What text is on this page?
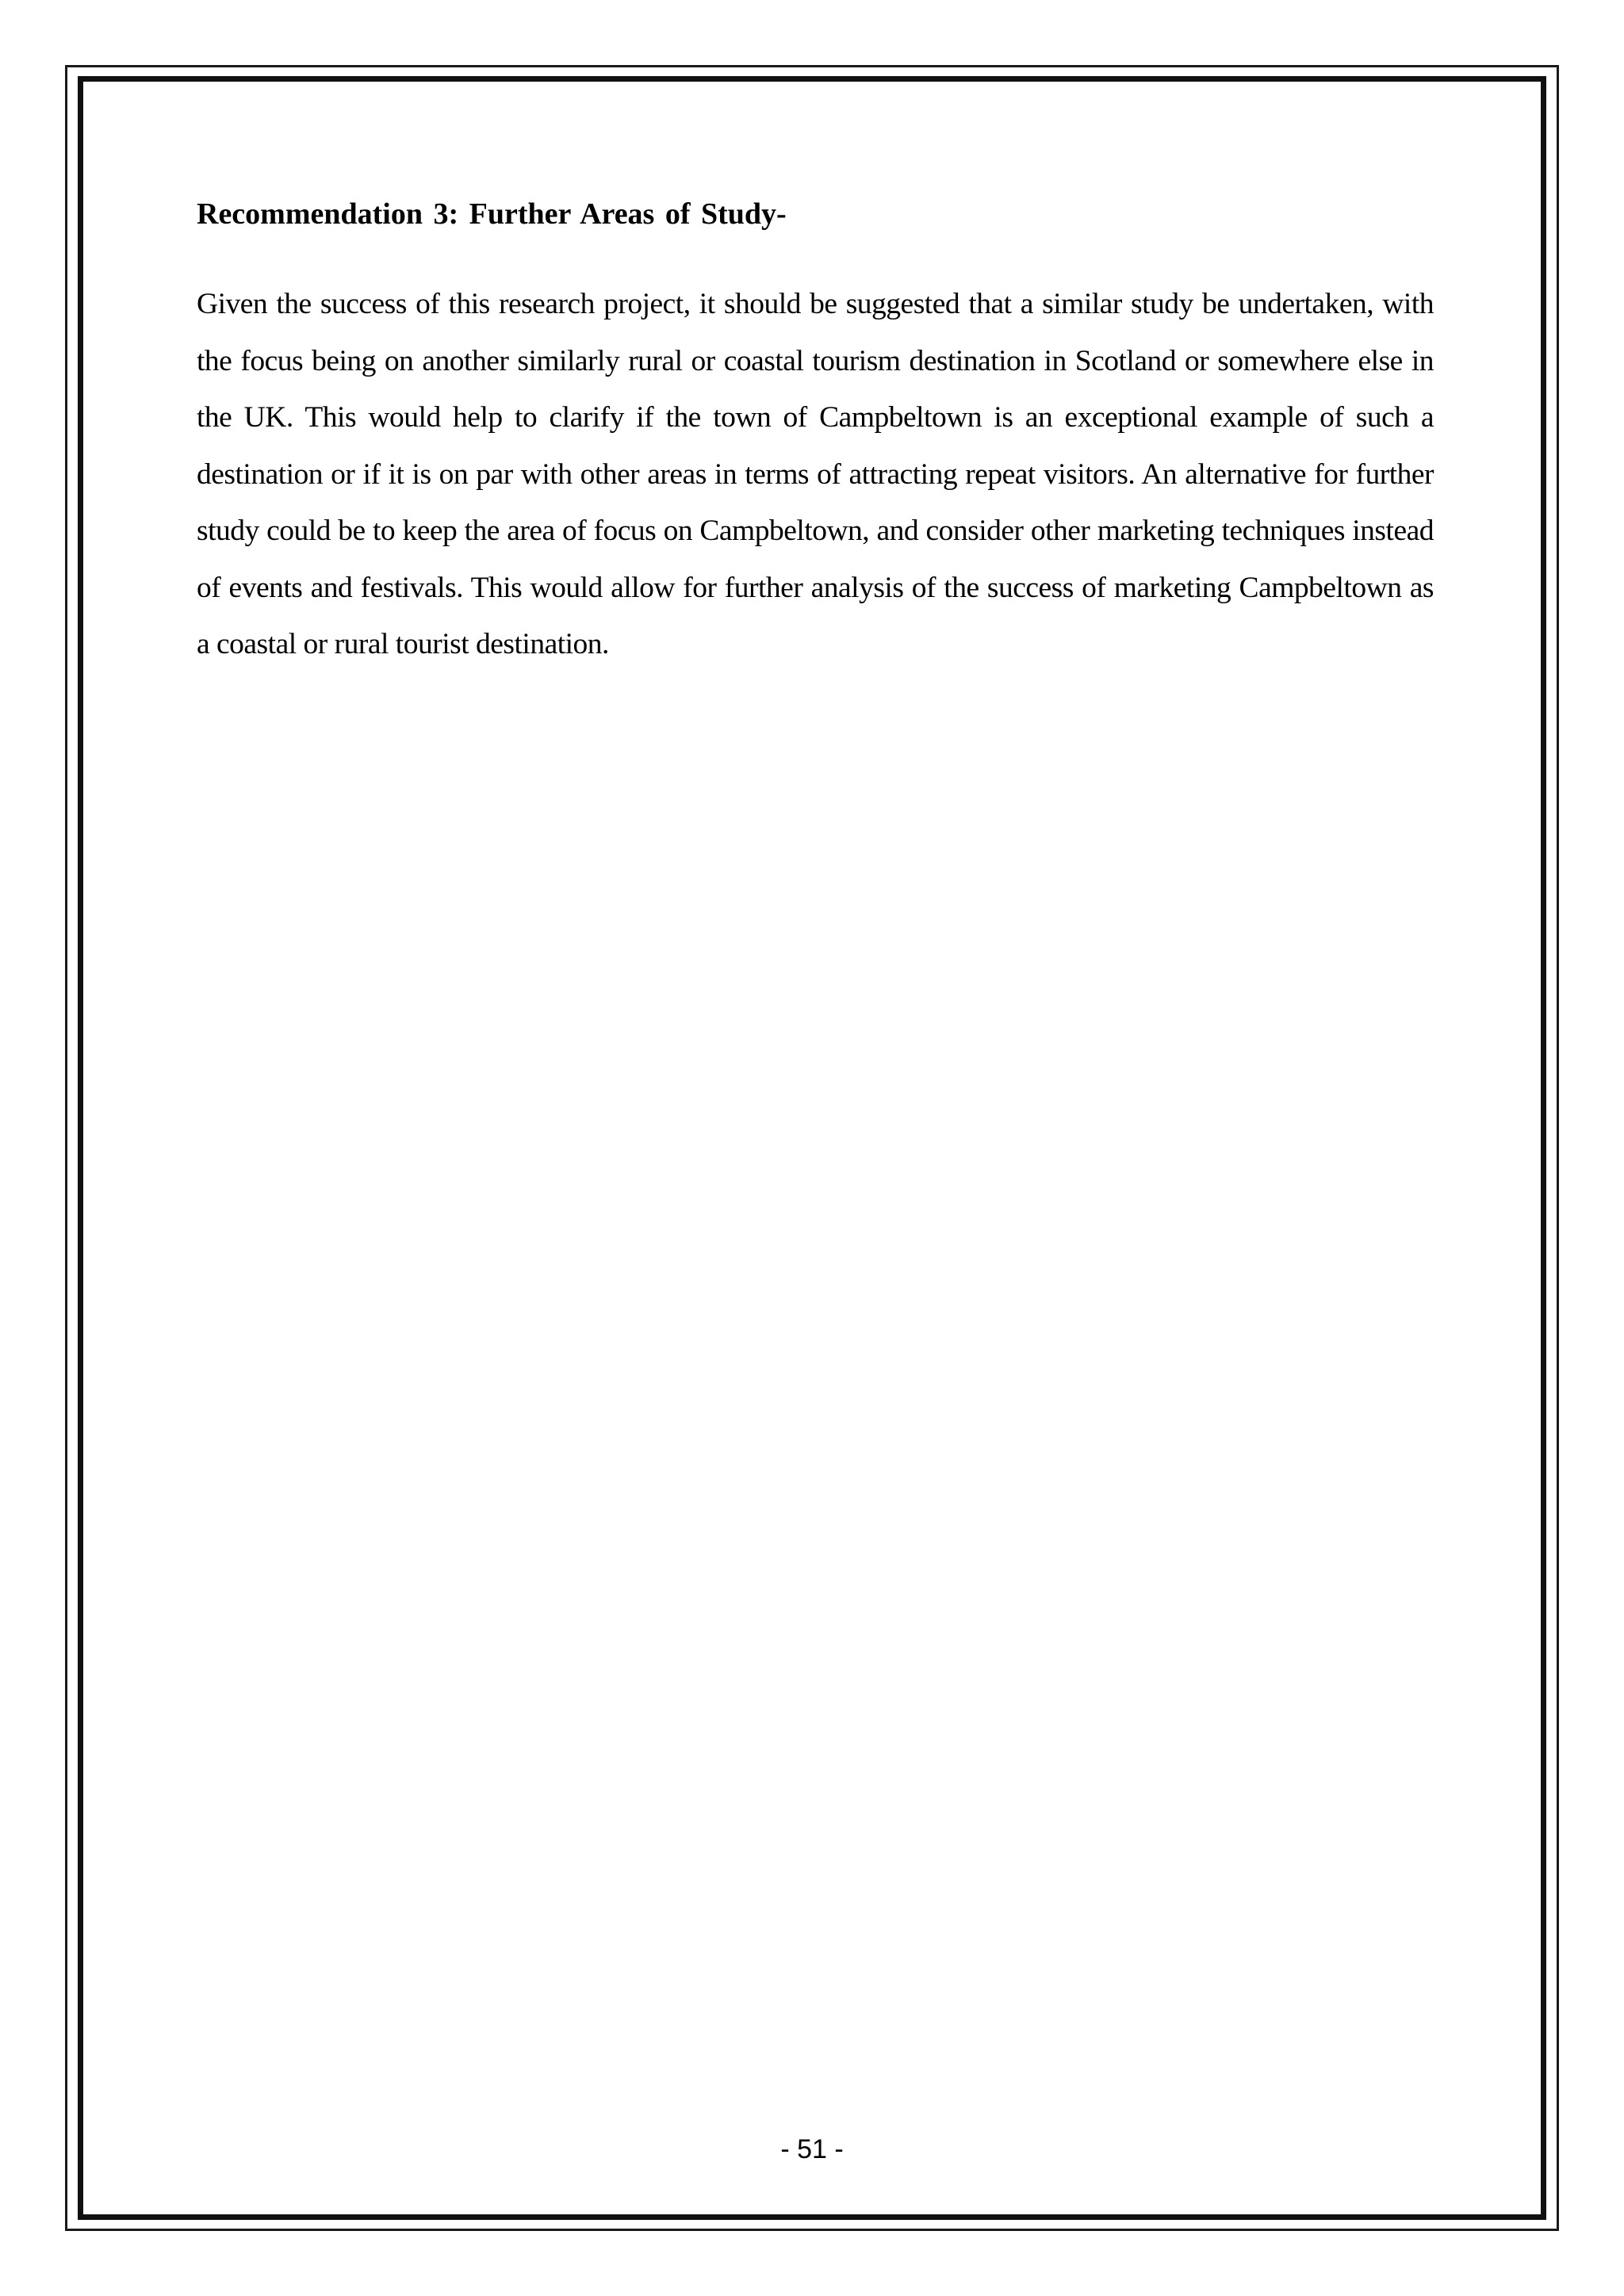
Recommendation 3: Further Areas of Study-

Given the success of this research project, it should be suggested that a similar study be undertaken, with the focus being on another similarly rural or coastal tourism destination in Scotland or somewhere else in the UK. This would help to clarify if the town of Campbeltown is an exceptional example of such a destination or if it is on par with other areas in terms of attracting repeat visitors. An alternative for further study could be to keep the area of focus on Campbeltown, and consider other marketing techniques instead of events and festivals. This would allow for further analysis of the success of marketing Campbeltown as a coastal or rural tourist destination.

- 51 -
